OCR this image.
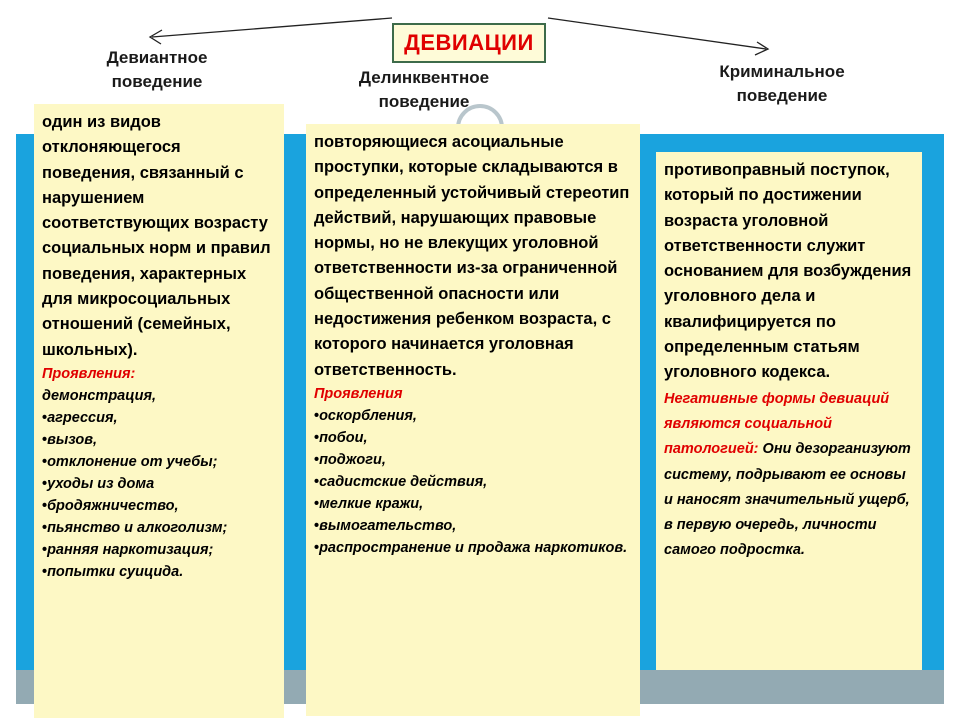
ДЕВИАЦИИ
Девиантное
поведение	Делинквентное
поведение
Криминальное
поведение
один из видов отклоняющегося поведения, связанный с нарушением соответствующих возрасту социальных норм и правил поведения, характерных для микросоциальных отношений (семейных, школьных).
Проявления:
демонстрация,
• агрессия,
• вызов,
• отклонение от учебы;
• уходы из дома
• бродяжничество,
• пьянство и алкоголизм;
• ранняя наркотизация;
• попытки суицида.
повторяющиеся асоциальные проступки, которые складываются в определенный устойчивый стереотип действий, нарушающих правовые нормы, но не влекущих уголовной ответственности из-за ограниченной общественной опасности или недостижения ребенком возраста, с которого начинается уголовная ответственность.
Проявления
• оскорбления,
• побои,
• поджоги,
• садистские действия,
• мелкие кражи,
• вымогательство,
• распространение и продажа наркотиков.
противоправный поступок, который по достижении возраста уголовной ответственности служит основанием для возбуждения уголовного дела и квалифицируется по определенным статьям уголовного кодекса. Негативные формы девиаций являются социальной патологией: Они дезорганизуют систему, подрывают ее основы и наносят значительный ущерб, в первую очередь, личности самого подростка.
